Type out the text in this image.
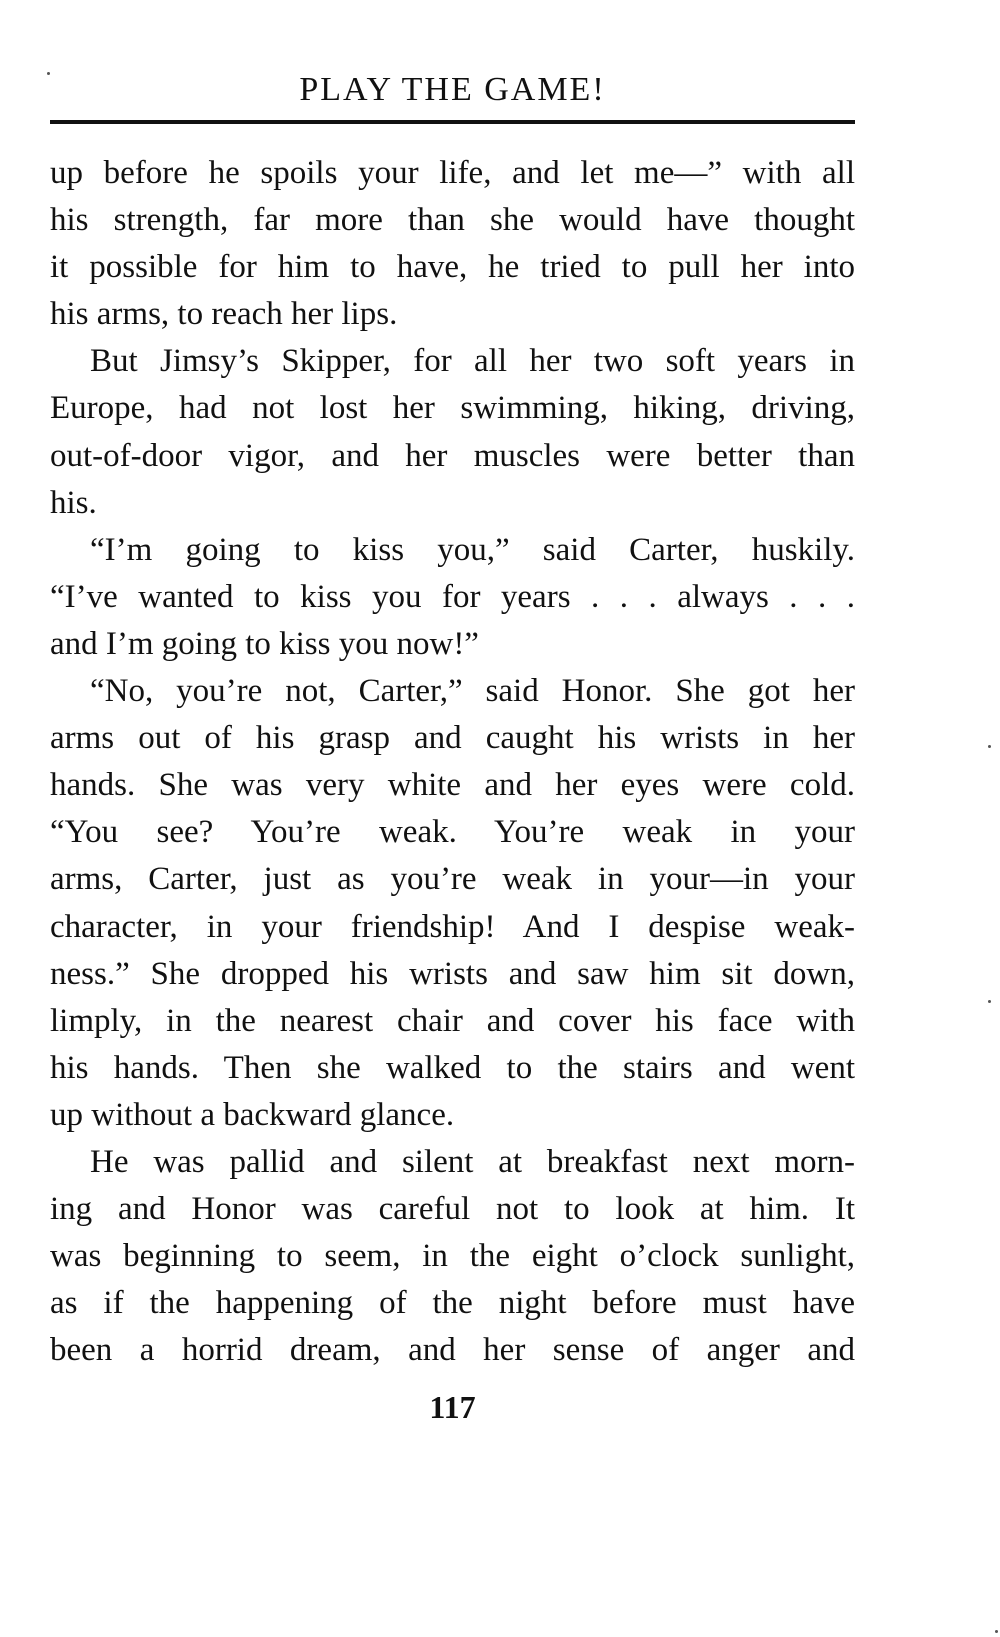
PLAY THE GAME!

up before he spoils your life, and let me—” with all
his strength, far more than she would have thought
it possible for him to have, he tried to pull her into
his arms, to reach her lips.

But Jimsy’s Skipper, for all her two soft years in
Europe, had not lost her swimming, hiking, driving,
out-of-door vigor, and her muscles were better than
his.

“I’m going to kiss you,” said Carter, huskily.
“I’ve wanted to kiss you for years . . . always . . .
and I’m going to kiss you now!”

“No, you’re not, Carter,” said Honor. She got her
arms out of his grasp and caught his wrists in her
hands. She was very white and her eyes were cold.
“You see? You’re weak. You’re weak in your
arms, Carter, just as you’re weak in your—in your
character, in your friendship! And I despise weak-
ness.” She dropped his wrists and saw him sit down,
limply, in the nearest chair and cover his face with
his hands. Then she walked to the stairs and went
up without a backward glance.

He was pallid and silent at breakfast next morn-
ing and Honor was careful not to look at him. It
was beginning to seem, in the eight o’clock sunlight,
as if the happening of the night before must have
been a horrid dream, and her sense of anger and

117
